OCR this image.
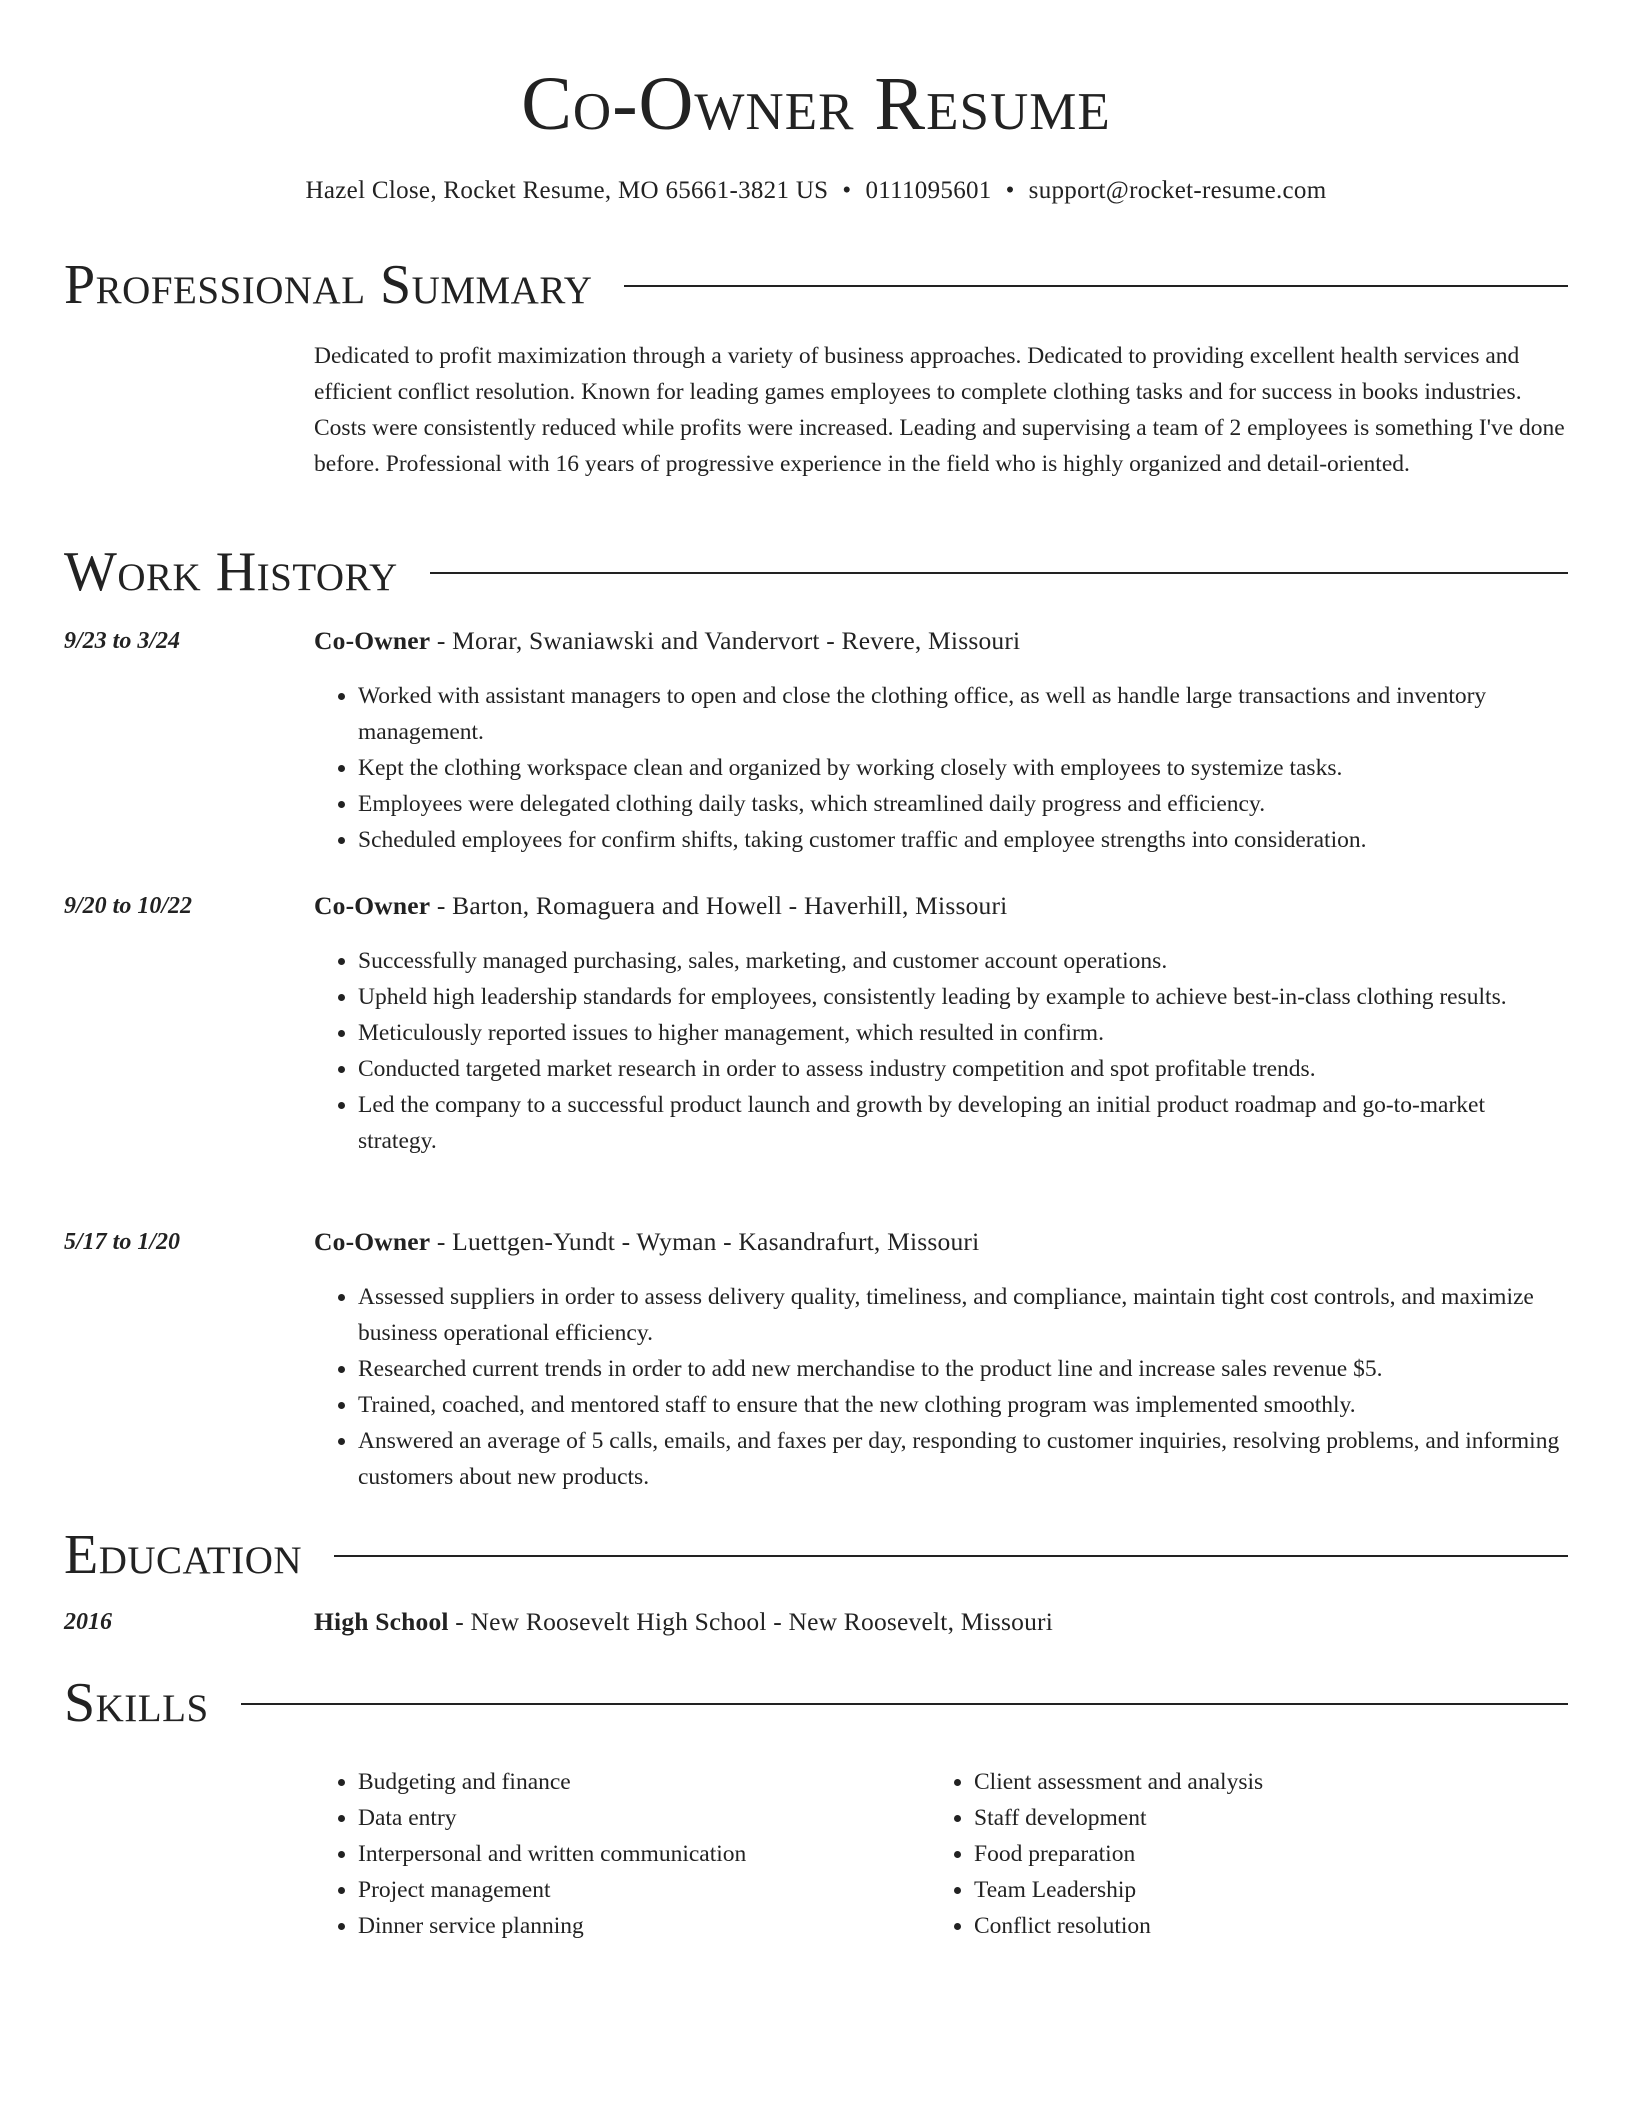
Co-Owner Resume
Hazel Close, Rocket Resume, MO 65661-3821 US • 0111095601 • support@rocket-resume.com
Professional Summary

Dedicated to profit maximization through a variety of business approaches. Dedicated to providing excellent health services and efficient conflict resolution. Known for leading games employees to complete clothing tasks and for success in books industries. Costs were consistently reduced while profits were increased. Leading and supervising a team of 2 employees is something I've done before. Professional with 16 years of progressive experience in the field who is highly organized and detail-oriented.

Work History
9/23 to 3/24	Co-Owner - Morar, Swaniawski and Vandervort - Revere, Missouri
• Worked with assistant managers to open and close the clothing office, as well as handle large transactions and inventory management.
• Kept the clothing workspace clean and organized by working closely with employees to systemize tasks.
• Employees were delegated clothing daily tasks, which streamlined daily progress and efficiency.
• Scheduled employees for confirm shifts, taking customer traffic and employee strengths into consideration.
9/20 to 10/22	Co-Owner - Barton, Romaguera and Howell - Haverhill, Missouri
• Successfully managed purchasing, sales, marketing, and customer account operations.
• Upheld high leadership standards for employees, consistently leading by example to achieve best-in-class clothing results.
• Meticulously reported issues to higher management, which resulted in confirm.
• Conducted targeted market research in order to assess industry competition and spot profitable trends.
• Led the company to a successful product launch and growth by developing an initial product roadmap and go-to-market strategy.
5/17 to 1/20	Co-Owner - Luettgen-Yundt - Wyman - Kasandrafurt, Missouri
• Assessed suppliers in order to assess delivery quality, timeliness, and compliance, maintain tight cost controls, and maximize business operational efficiency.
• Researched current trends in order to add new merchandise to the product line and increase sales revenue $5.
• Trained, coached, and mentored staff to ensure that the new clothing program was implemented smoothly.
• Answered an average of 5 calls, emails, and faxes per day, responding to customer inquiries, resolving problems, and informing customers about new products.
Education
2016	High School - New Roosevelt High School - New Roosevelt, Missouri
Skills
• Budgeting and finance
• Data entry
• Interpersonal and written communication
• Project management
• Dinner service planning
• Client assessment and analysis
• Staff development
• Food preparation
• Team Leadership
• Conflict resolution
